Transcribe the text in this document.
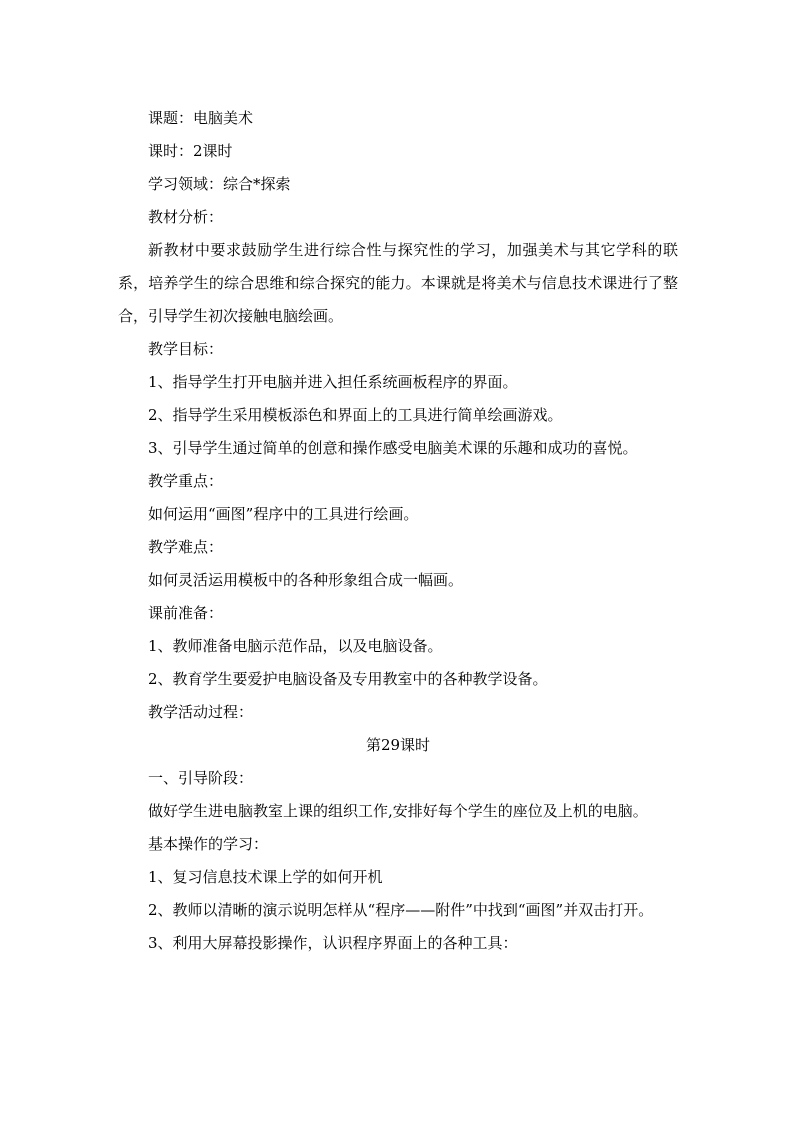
课题：电脑美术

课时：2课时

学习领域：综合*探索

教材分析：

新教材中要求鼓励学生进行综合性与探究性的学习，加强美术与其它学科的联系，培养学生的综合思维和综合探究的能力。本课就是将美术与信息技术课进行了整合，引导学生初次接触电脑绘画。

教学目标：

1、指导学生打开电脑并进入担任系统画板程序的界面。

2、指导学生采用模板添色和界面上的工具进行简单绘画游戏。

3、引导学生通过简单的创意和操作感受电脑美术课的乐趣和成功的喜悦。

教学重点：

如何运用“画图”程序中的工具进行绘画。

教学难点：

如何灵活运用模板中的各种形象组合成一幅画。

课前准备：

1、教师准备电脑示范作品，以及电脑设备。

2、教育学生要爱护电脑设备及专用教室中的各种教学设备。

教学活动过程：

第29课时

一、引导阶段：

做好学生进电脑教室上课的组织工作,安排好每个学生的座位及上机的电脑。

基本操作的学习：

1、复习信息技术课上学的如何开机

2、教师以清晰的演示说明怎样从“程序——附件”中找到“画图”并双击打开。

3、利用大屏幕投影操作，认识程序界面上的各种工具：
